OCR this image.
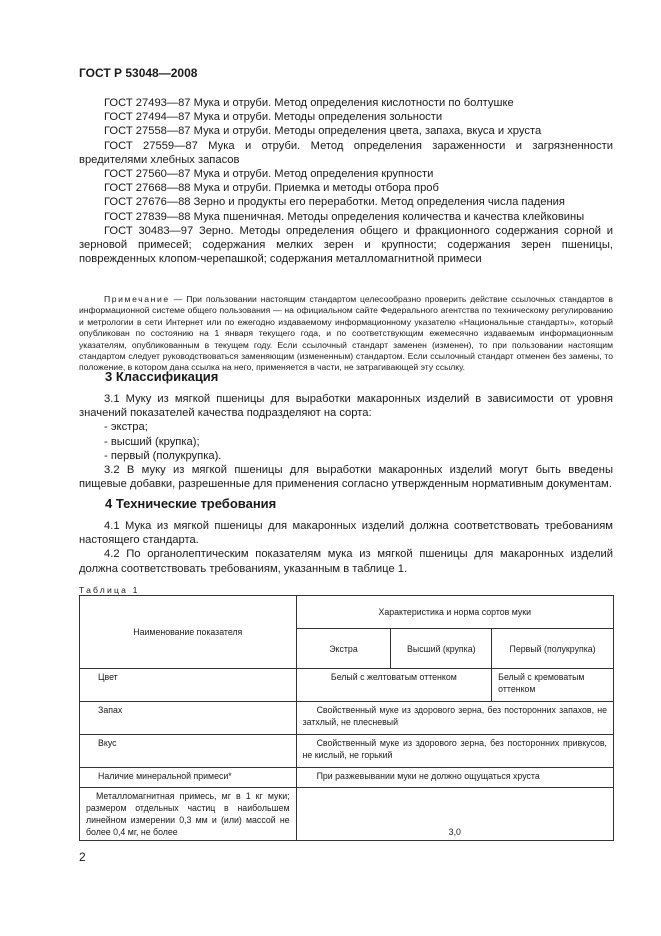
ГОСТ Р 53048—2008
ГОСТ 27493—87 Мука и отруби. Метод определения кислотности по болтушке
ГОСТ 27494—87 Мука и отруби. Методы определения зольности
ГОСТ 27558—87 Мука и отруби. Методы определения цвета, запаха, вкуса и хруста
ГОСТ 27559—87 Мука и отруби. Метод определения зараженности и загрязненности вредителями хлебных запасов
ГОСТ 27560—87 Мука и отруби. Метод определения крупности
ГОСТ 27668—88 Мука и отруби. Приемка и методы отбора проб
ГОСТ 27676—88 Зерно и продукты его переработки. Метод определения числа падения
ГОСТ 27839—88 Мука пшеничная. Методы определения количества и качества клейковины
ГОСТ 30483—97 Зерно. Методы определения общего и фракционного содержания сорной и зерновой примесей; содержания мелких зерен и крупности; содержания зерен пшеницы, поврежденных клопом-черепашкой; содержания металломагнитной примеси

Примечание — При пользовании настоящим стандартом целесообразно проверить действие ссылочных стандартов в информационной системе общего пользования — на официальном сайте Федерального агентства по техническому регулированию и метрологии в сети Интернет или по ежегодно издаваемому информационному указателю «Национальные стандарты», который опубликован по состоянию на 1 января текущего года, и по соответствующим ежемесячно издаваемым информационным указателям, опубликованным в текущем году. Если ссылочный стандарт заменен (изменен), то при пользовании настоящим стандартом следует руководствоваться заменяющим (измененным) стандартом. Если ссылочный стандарт отменен без замены, то положение, в котором дана ссылка на него, применяется в части, не затрагивающей эту ссылку.

3 Классификация

3.1 Муку из мягкой пшеницы для выработки макаронных изделий в зависимости от уровня значений показателей качества подразделяют на сорта:

- экстра;

- высший (крупка);

- первый (полукрупка).

3.2 В муку из мягкой пшеницы для выработки макаронных изделий могут быть введены пищевые добавки, разрешенные для применения согласно утвержденным нормативным документам.

4 Технические требования

4.1 Мука из мягкой пшеницы для макаронных изделий должна соответствовать требованиям настоящего стандарта.

4.2 По органолептическим показателям мука из мягкой пшеницы для макаронных изделий должна соответствовать требованиям, указанным в таблице 1.

Таблица 1
Наименование показателя	Характеристика и норма сортов муки		
	Экстра	Высший (крупка)	Первый (полукрупка)
Цвет	Белый с желтоватым оттенком		Белый с кремоватым оттенком
Запах	Свойственный муке из здорового зерна, без посторонних запахов, не затхлый, не плесневый		
Вкус	Свойственный муке из здорового зерна, без посторонних привкусов, не кислый, не горький		
Наличие минеральной примеси*	При разжевывании муки не должно ощущаться хруста		
Металломагнитная примесь, мг в 1 кг муки; размером отдельных частиц в наибольшем линейном измерении 0,3 мм и (или) массой не более 0,4 мг, не более	3,0		
2
